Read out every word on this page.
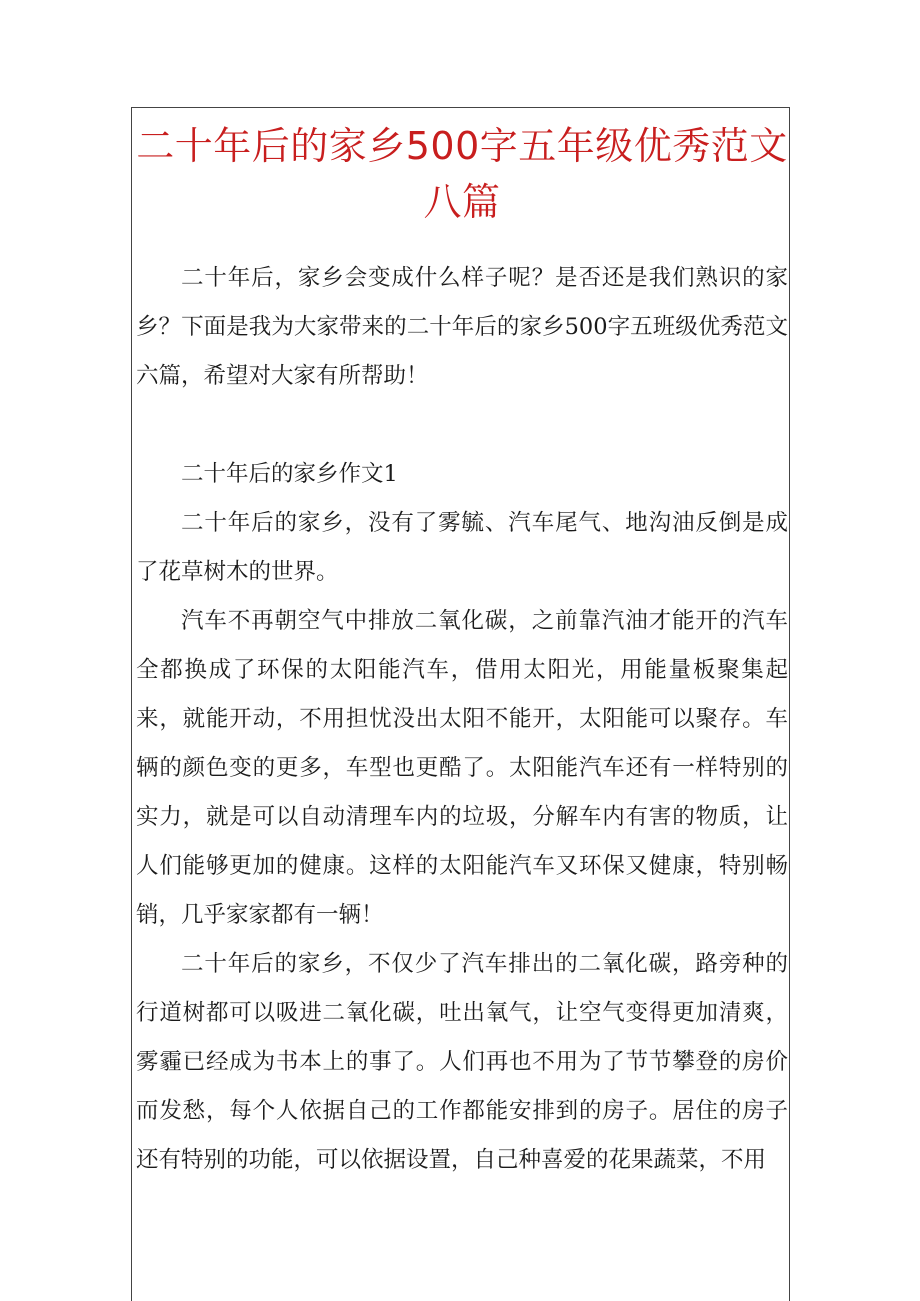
二十年后的家乡500字五年级优秀范文八篇

二十年后，家乡会变成什么样子呢？是否还是我们熟识的家乡？下面是我为大家带来的二十年后的家乡500字五班级优秀范文六篇，希望对大家有所帮助！

二十年后的家乡作文1

二十年后的家乡，没有了雾毓、汽车尾气、地沟油反倒是成了花草树木的世界。

汽车不再朝空气中排放二氧化碳，之前靠汽油才能开的汽车全都换成了环保的太阳能汽车，借用太阳光，用能量板聚集起来，就能开动，不用担忧没出太阳不能开，太阳能可以聚存。车辆的颜色变的更多，车型也更酷了。太阳能汽车还有一样特别的实力，就是可以自动清理车内的垃圾，分解车内有害的物质，让人们能够更加的健康。这样的太阳能汽车又环保又健康，特别畅销，几乎家家都有一辆！

二十年后的家乡，不仅少了汽车排出的二氧化碳，路旁种的行道树都可以吸进二氧化碳，吐出氧气，让空气变得更加清爽，雾霾已经成为书本上的事了。人们再也不用为了节节攀登的房价而发愁，每个人依据自己的工作都能安排到的房子。居住的房子还有特别的功能，可以依据设置，自己种喜爱的花果蔬菜，不用
